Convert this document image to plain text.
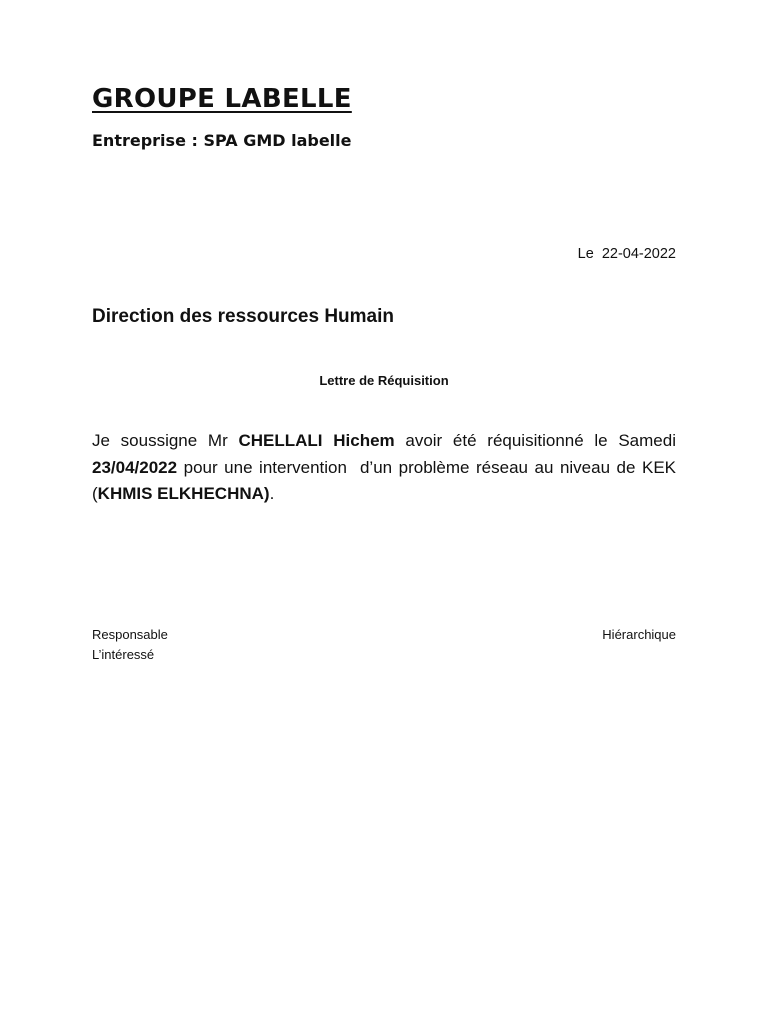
GROUPE LABELLE
Entreprise : SPA GMD labelle
Le  22-04-2022
Direction des ressources Humain
Lettre de Réquisition

Je soussigne Mr CHELLALI Hichem avoir été réquisitionné le Samedi 23/04/2022 pour une intervention  d’un problème réseau au niveau de KEK (KHMIS ELKHECHNA).

Responsable
L’intéressé
Hiérarchique
